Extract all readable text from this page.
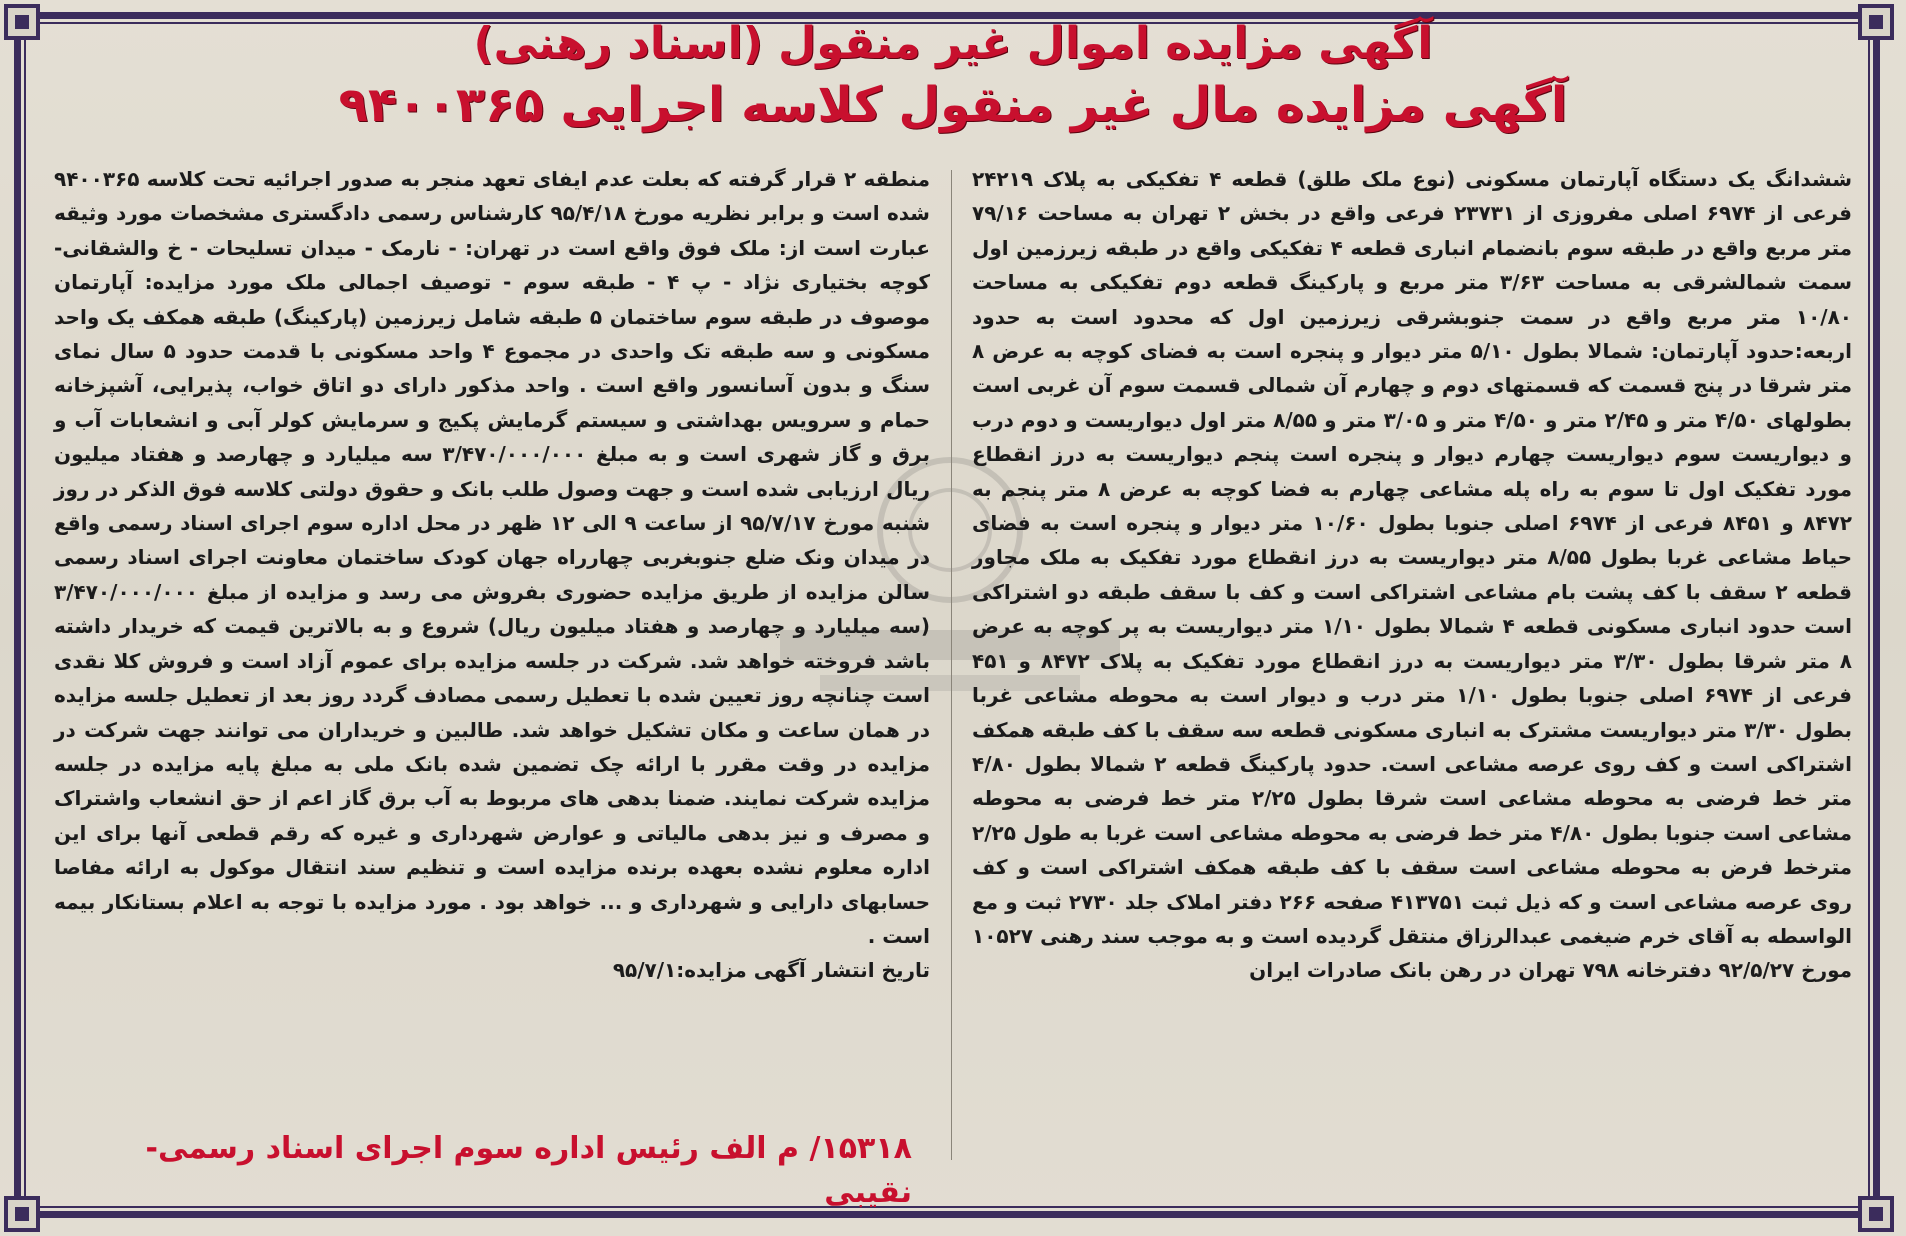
آگهی مزایده اموال غیر منقول (اسناد رهنی)
آگهی مزایده مال غیر منقول کلاسه اجرایی ۹۴۰۰۳۶۵

ششدانگ یک دستگاه آپارتمان مسکونی (نوع ملک طلق) قطعه ۴ تفکیکی به پلاک ۲۴۲۱۹ فرعی از ۶۹۷۴ اصلی مفروزی از ۲۳۷۳۱ فرعی واقع در بخش ۲ تهران به مساحت ۷۹/۱۶ متر مربع واقع در طبقه سوم بانضمام انباری قطعه ۴ تفکیکی واقع در طبقه زیرزمین اول سمت شمالشرقی به مساحت ۳/۶۳ متر مربع و پارکینگ قطعه دوم تفکیکی به مساحت ۱۰/۸۰ متر مربع واقع در سمت جنوبشرقی زیرزمین اول که محدود است به حدود اربعه:حدود آپارتمان: شمالا بطول ۵/۱۰ متر دیوار و پنجره است به فضای کوچه به عرض ۸ متر شرقا در پنج قسمت که قسمتهای دوم و چهارم آن شمالی قسمت سوم آن غربی است بطولهای ۴/۵۰ متر و ۲/۴۵ متر و ۴/۵۰ متر و ۳/۰۵ متر و ۸/۵۵ متر اول دیواریست و دوم درب و دیواریست سوم دیواریست چهارم دیوار و پنجره است پنجم دیواریست به درز انقطاع مورد تفکیک اول تا سوم به راه پله مشاعی چهارم به فضا کوچه به عرض ۸ متر پنجم به ۸۴۷۲ و ۸۴۵۱ فرعی از ۶۹۷۴ اصلی جنوبا بطول ۱۰/۶۰ متر دیوار و پنجره است به فضای حیاط مشاعی غربا بطول ۸/۵۵ متر دیواریست به درز انقطاع مورد تفکیک به ملک مجاور قطعه ۲ سقف با کف پشت بام مشاعی اشتراکی است و کف با سقف طبقه دو اشتراکی است حدود انباری مسکونی قطعه ۴ شمالا بطول ۱/۱۰ متر دیواریست به پر کوچه به عرض ۸ متر شرقا بطول ۳/۳۰ متر دیواریست به درز انقطاع مورد تفکیک به پلاک ۸۴۷۲ و ۴۵۱ فرعی از ۶۹۷۴ اصلی جنوبا بطول ۱/۱۰ متر درب و دیوار است به محوطه مشاعی غربا بطول ۳/۳۰ متر دیواریست مشترک به انباری مسکونی قطعه سه سقف با کف طبقه همکف اشتراکی است و کف روی عرصه مشاعی است. حدود پارکینگ قطعه ۲ شمالا بطول ۴/۸۰ متر خط فرضی به محوطه مشاعی است شرقا بطول ۲/۲۵ متر خط فرضی به محوطه مشاعی است جنوبا بطول ۴/۸۰ متر خط فرضی به محوطه مشاعی است غربا به طول ۲/۲۵ مترخط فرض به محوطه مشاعی است سقف با کف طبقه همکف اشتراکی است و کف روی عرصه مشاعی است و که ذیل ثبت ۴۱۳۷۵۱ صفحه ۲۶۶ دفتر املاک جلد ۲۷۳۰ ثبت و مع الواسطه به آقای خرم ضیغمی عبدالرزاق منتقل گردیده است و به موجب سند رهنی ۱۰۵۲۷ مورخ ۹۲/۵/۲۷ دفترخانه ۷۹۸ تهران در رهن بانک صادرات ایران

منطقه ۲ قرار گرفته که بعلت عدم ایفای تعهد منجر به صدور اجرائیه تحت کلاسه ۹۴۰۰۳۶۵ شده است و برابر نظریه مورخ ۹۵/۴/۱۸ کارشناس رسمی دادگستری مشخصات مورد وثیقه عبارت است از: ملک فوق واقع است در تهران: - نارمک - میدان تسلیحات - خ والشقانی- کوچه بختیاری نژاد - پ ۴ - طبقه سوم - توصیف اجمالی ملک مورد مزایده: آپارتمان موصوف در طبقه سوم ساختمان ۵ طبقه شامل زیرزمین (پارکینگ) طبقه همکف یک واحد مسکونی و سه طبقه تک واحدی در مجموع ۴ واحد مسکونی با قدمت حدود ۵ سال نمای سنگ و بدون آسانسور واقع است . واحد مذکور دارای دو اتاق خواب، پذیرایی، آشپزخانه حمام و سرویس بهداشتی و سیستم گرمایش پکیج و سرمایش کولر آبی و انشعابات آب و برق و گاز شهری است و به مبلغ ۳/۴۷۰/۰۰۰/۰۰۰ سه میلیارد و چهارصد و هفتاد میلیون ریال ارزیابی شده است و جهت وصول طلب بانک و حقوق دولتی کلاسه فوق الذکر در روز شنبه مورخ ۹۵/۷/۱۷ از ساعت ۹ الی ۱۲ ظهر در محل اداره سوم اجرای اسناد رسمی واقع در میدان ونک ضلع جنوبغربی چهارراه جهان کودک ساختمان معاونت اجرای اسناد رسمی سالن مزایده از طریق مزایده حضوری بفروش می رسد و مزایده از مبلغ ۳/۴۷۰/۰۰۰/۰۰۰ (سه میلیارد و چهارصد و هفتاد میلیون ریال) شروع و به بالاترین قیمت که خریدار داشته باشد فروخته خواهد شد. شرکت در جلسه مزایده برای عموم آزاد است و فروش کلا نقدی است چنانچه روز تعیین شده با تعطیل رسمی مصادف گردد روز بعد از تعطیل جلسه مزایده در همان ساعت و مکان تشکیل خواهد شد. طالبین و خریداران می توانند جهت شرکت در مزایده در وقت مقرر با ارائه چک تضمین شده بانک ملی به مبلغ پایه مزایده در جلسه مزایده شرکت نمایند. ضمنا بدهی های مربوط به آب برق گاز اعم از حق انشعاب واشتراک و مصرف و نیز بدهی مالیاتی و عوارض شهرداری و غیره که رقم قطعی آنها برای این اداره معلوم نشده بعهده برنده مزایده است و تنظیم سند انتقال موکول به ارائه مفاصا حسابهای دارایی و شهرداری و ... خواهد بود . مورد مزایده با توجه به اعلام بستانکار بیمه است .

تاریخ انتشار آگهی مزایده:۹۵/۷/۱

۱۵۳۱۸/ م الف رئیس اداره سوم اجرای اسناد رسمی- نقیبی
